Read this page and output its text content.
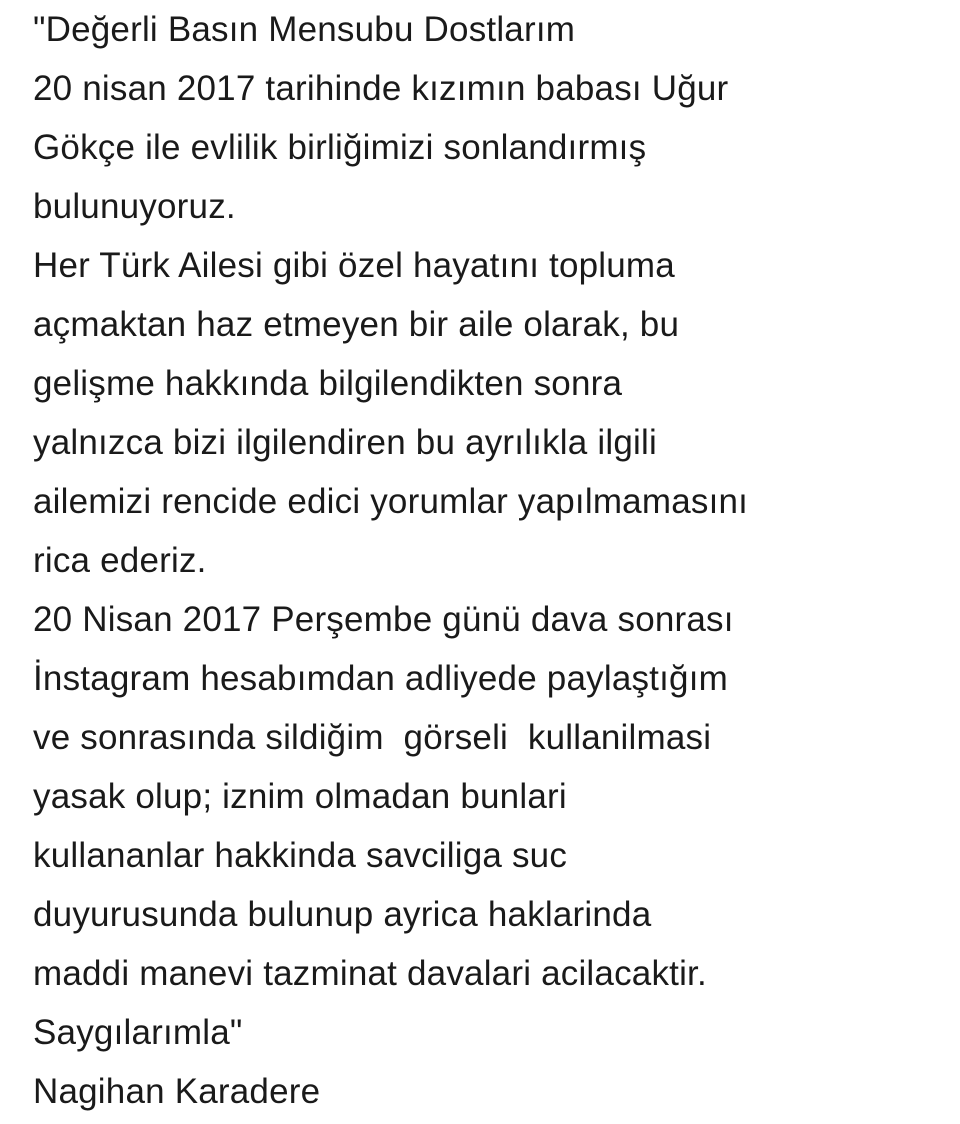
"Değerli Basın Mensubu Dostlarım
20 nisan 2017 tarihinde kızımın babası Uğur
Gökçe ile evlilik birliğimizi sonlandırmış
bulunuyoruz.
Her Türk Ailesi gibi özel hayatını topluma
açmaktan haz etmeyen bir aile olarak, bu
gelişme hakkında bilgilendikten sonra
yalnızca bizi ilgilendiren bu ayrılıkla ilgili
ailemizi rencide edici yorumlar yapılmamasını
rica ederiz.
20 Nisan 2017 Perşembe günü dava sonrası
İnstagram hesabımdan adliyede paylaştığım
ve sonrasında sildiğim  görseli  kullanilmasi
yasak olup; iznim olmadan bunlari
kullananlar hakkinda savciliga suc
duyurusunda bulunup ayrica haklarinda
maddi manevi tazminat davalari acilacaktir.
Saygılarımla"
Nagihan Karadere
